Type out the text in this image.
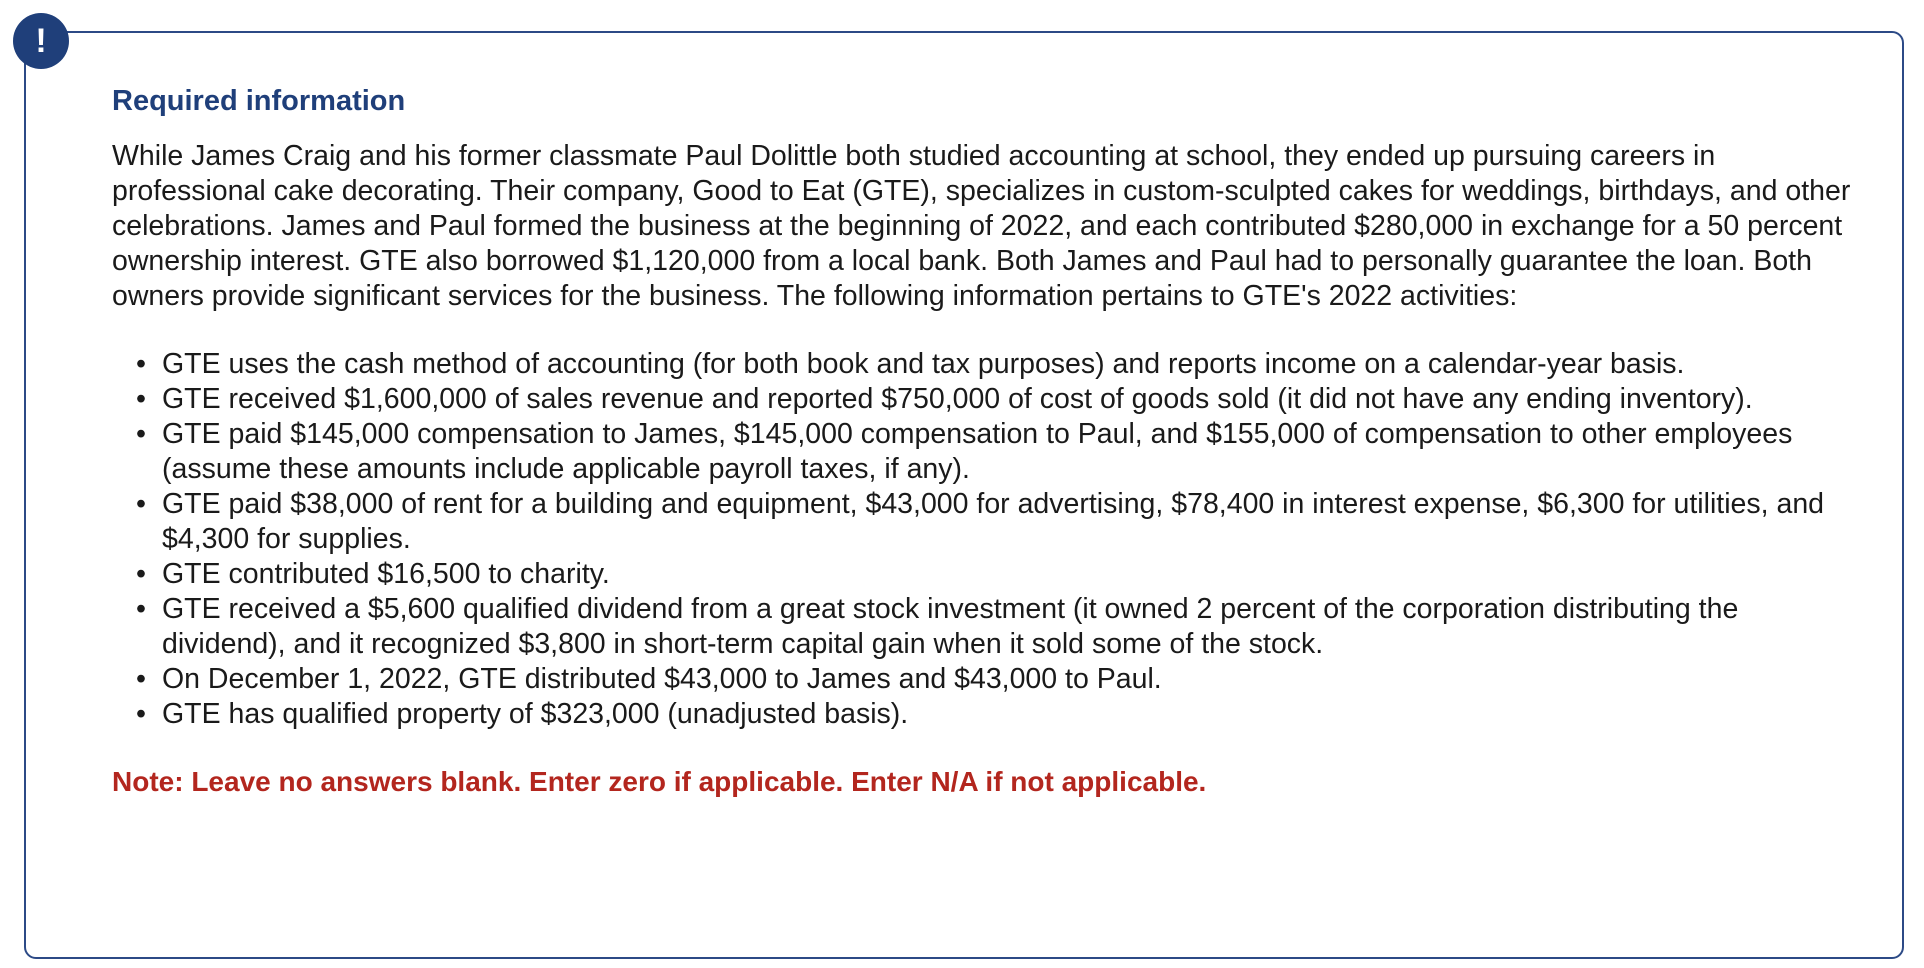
!
Required information

While James Craig and his former classmate Paul Dolittle both studied accounting at school, they ended up pursuing careers in professional cake decorating. Their company, Good to Eat (GTE), specializes in custom-sculpted cakes for weddings, birthdays, and other celebrations. James and Paul formed the business at the beginning of 2022, and each contributed $280,000 in exchange for a 50 percent ownership interest. GTE also borrowed $1,120,000 from a local bank. Both James and Paul had to personally guarantee the loan. Both owners provide significant services for the business. The following information pertains to GTE's 2022 activities:

• GTE uses the cash method of accounting (for both book and tax purposes) and reports income on a calendar-year basis.
• GTE received $1,600,000 of sales revenue and reported $750,000 of cost of goods sold (it did not have any ending inventory).
• GTE paid $145,000 compensation to James, $145,000 compensation to Paul, and $155,000 of compensation to other employees (assume these amounts include applicable payroll taxes, if any).
• GTE paid $38,000 of rent for a building and equipment, $43,000 for advertising, $78,400 in interest expense, $6,300 for utilities, and $4,300 for supplies.
• GTE contributed $16,500 to charity.
• GTE received a $5,600 qualified dividend from a great stock investment (it owned 2 percent of the corporation distributing the dividend), and it recognized $3,800 in short-term capital gain when it sold some of the stock.
• On December 1, 2022, GTE distributed $43,000 to James and $43,000 to Paul.
• GTE has qualified property of $323,000 (unadjusted basis).

Note: Leave no answers blank. Enter zero if applicable. Enter N/A if not applicable.
